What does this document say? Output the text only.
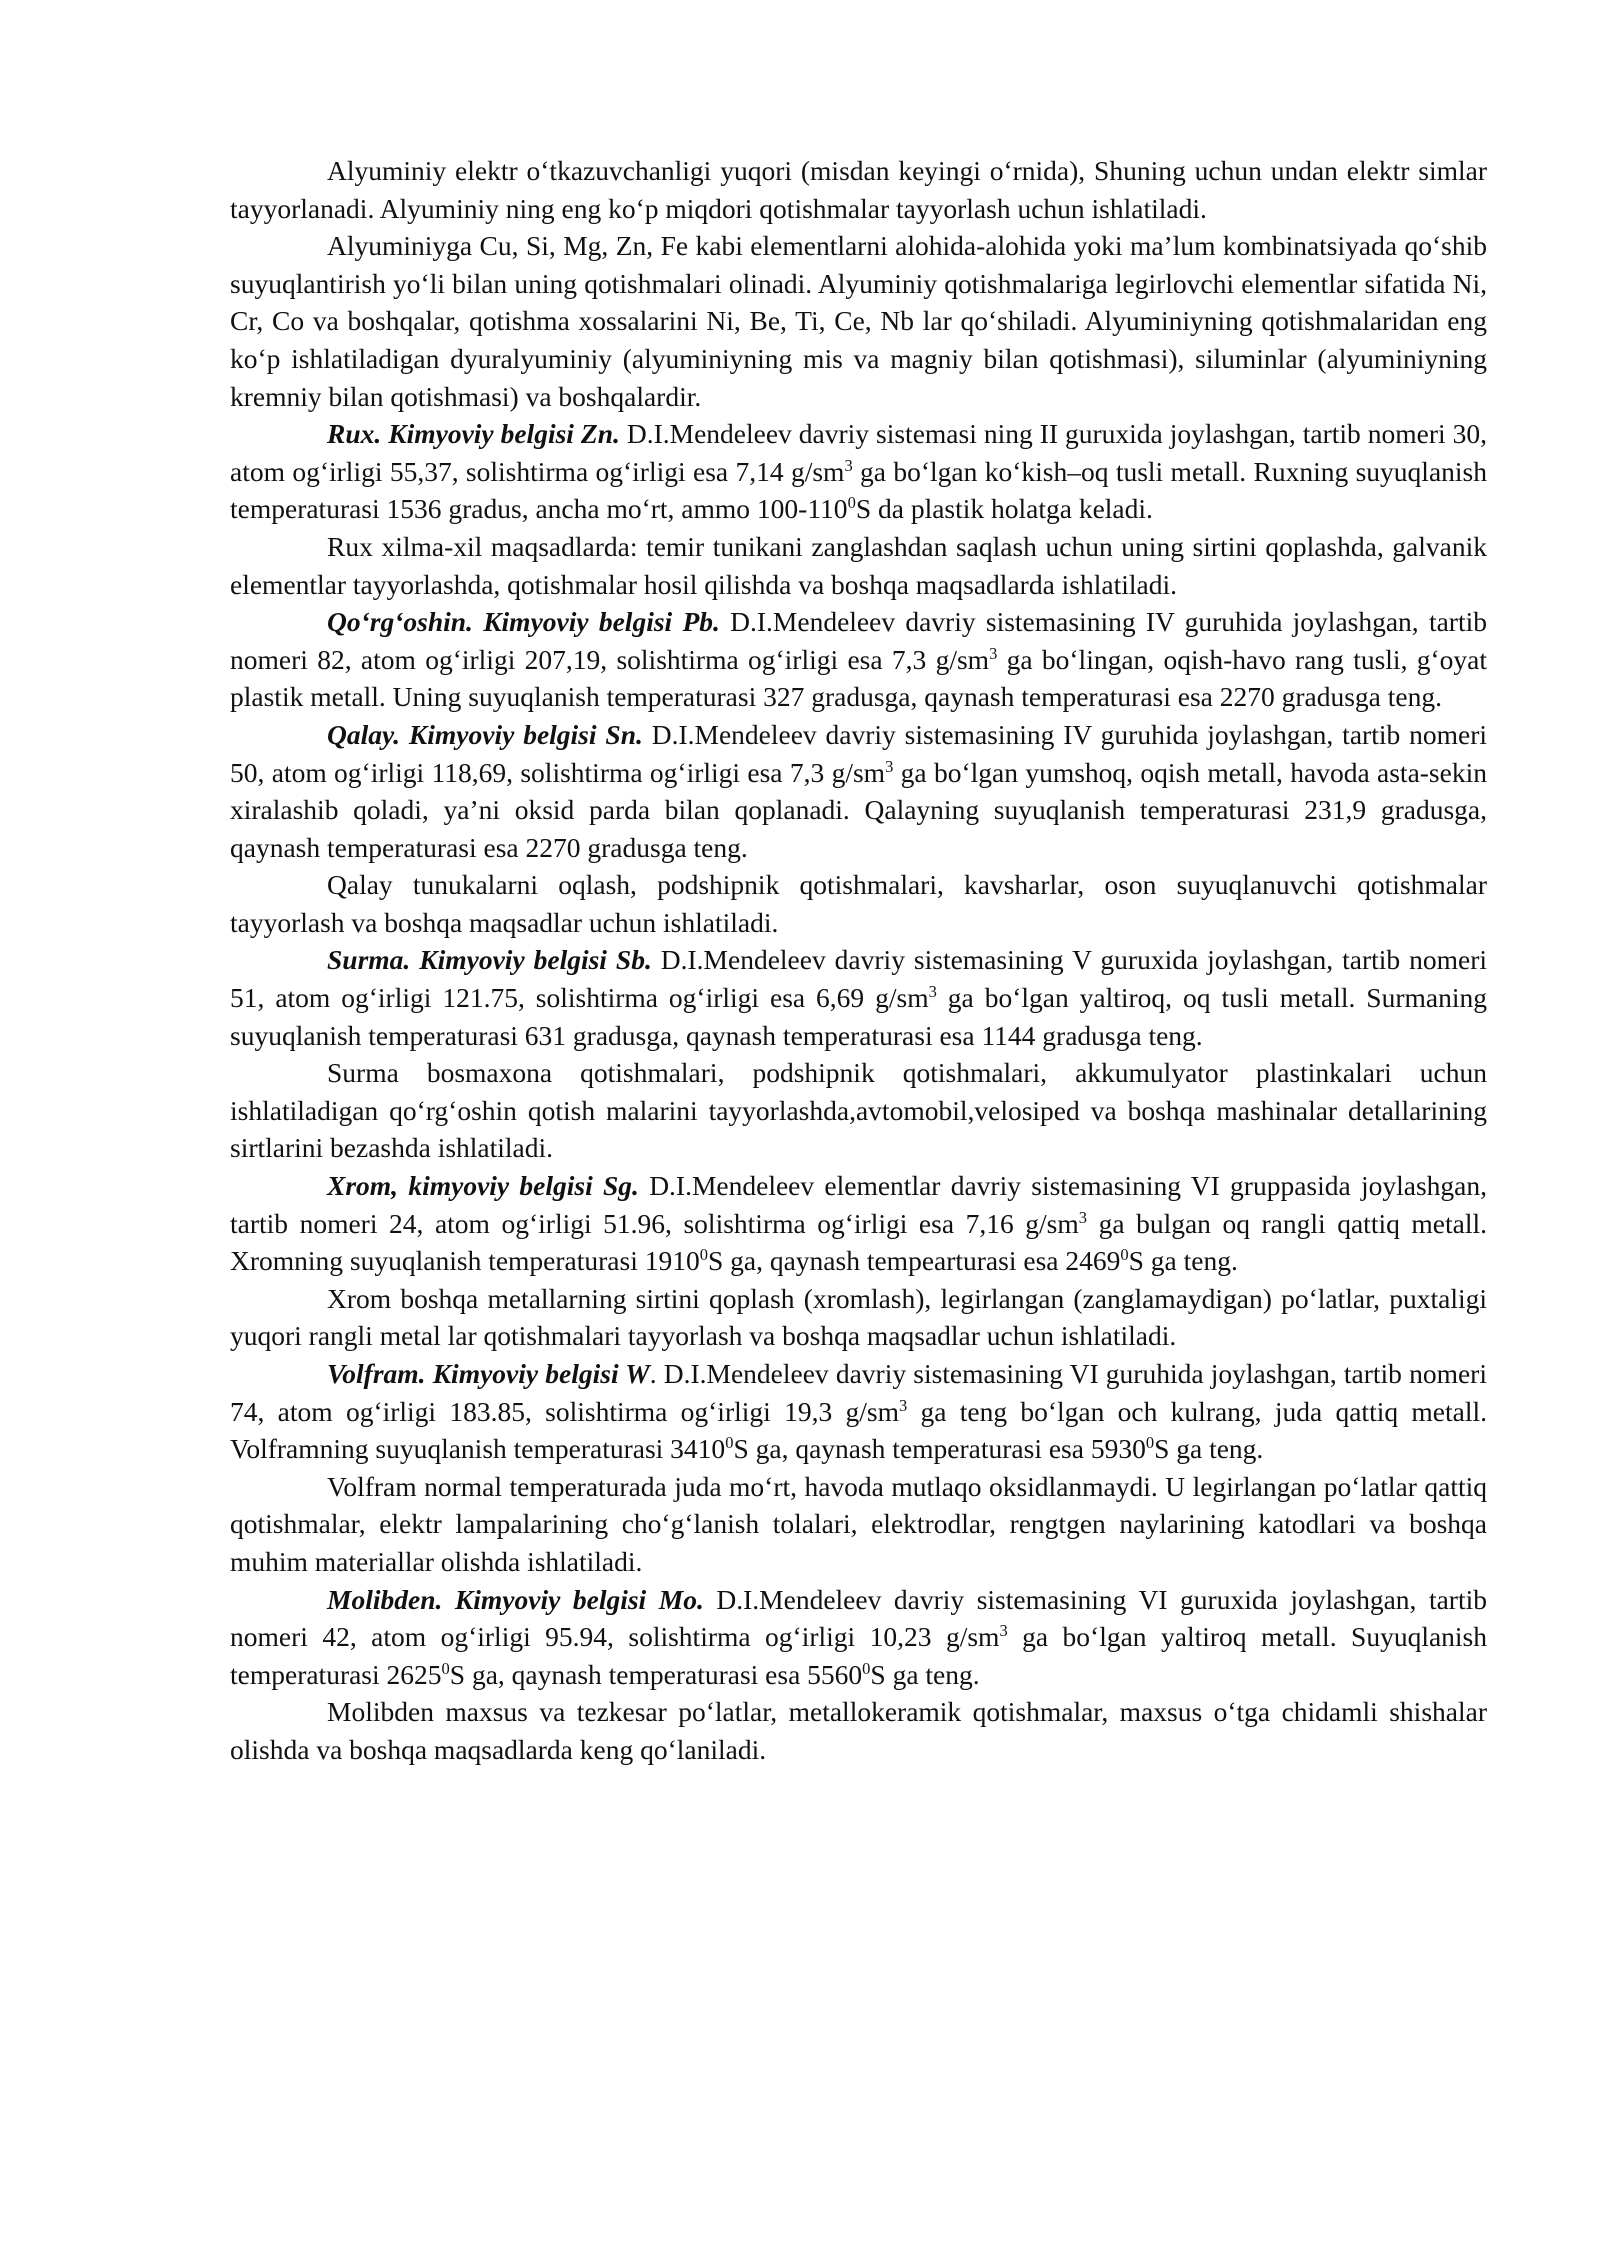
Alyuminiy elektr o‘tkazuvchanligi yuqori (misdan keyingi o‘rnida), Shuning uchun undan elektr simlar tayyorlanadi. Alyuminiy ning eng ko‘p miqdori qotishmalar tayyorlash uchun ishlatiladi.

Alyuminiyga Cu, Si, Mg, Zn, Fe kabi elementlarni alohida-alohida yoki ma’lum kombinatsiyada qo‘shib suyuqlantirish yo‘li bilan uning qotishmalari olinadi. Alyuminiy qotishmalariga legirlovchi elementlar sifatida Ni, Cr, Co va boshqalar, qotishma xossalarini Ni, Be, Ti, Ce, Nb lar qo‘shiladi. Alyuminiyning qotishmalaridan eng ko‘p ishlatiladigan dyuralyuminiy (alyuminiyning mis va magniy bilan qotishmasi), siluminlar (alyuminiyning kremniy bilan qotishmasi) va boshqalardir.

Rux. Kimyoviy belgisi Zn. D.I.Mendeleev davriy sistemasi ning II guruxida joylashgan, tartib nomeri 30, atom og‘irligi 55,37, solishtirma og‘irligi esa 7,14 $g/sm^3$ ga bo‘lgan ko‘kish–oq tusli metall. Ruxning suyuqlanish temperaturasi 1536 gradus, ancha mo‘rt, ammo $100-110^0S$ da plastik holatga keladi.

Rux xilma-xil maqsadlarda: temir tunikani zanglashdan saqlash uchun uning sirtini qoplashda, galvanik elementlar tayyorlashda, qotishmalar hosil qilishda va boshqa maqsadlarda ishlatiladi.

Qo‘rg‘oshin. Kimyoviy belgisi Pb. D.I.Mendeleev davriy sistemasining IV guruhida joylashgan, tartib nomeri 82, atom og‘irligi 207,19, solishtirma og‘irligi esa 7,3 $g/sm^3$ ga bo‘lingan, oqish-havo rang tusli, g‘oyat plastik metall. Uning suyuqlanish temperaturasi 327 gradusga, qaynash temperaturasi esa 2270 gradusga teng.

Qalay. Kimyoviy belgisi Sn. D.I.Mendeleev davriy sistemasining IV guruhida joylashgan, tartib nomeri 50, atom og‘irligi 118,69, solishtirma og‘irligi esa 7,3 $g/sm^3$ ga bo‘lgan yumshoq, oqish metall, havoda asta-sekin xiralashib qoladi, ya’ni oksid parda bilan qoplanadi. Qalayning suyuqlanish temperaturasi 231,9 gradusga, qaynash temperaturasi esa 2270 gradusga teng.

Qalay tunukalarni oqlash, podshipnik qotishmalari, kavsharlar, oson suyuqlanuvchi qotishmalar tayyorlash va boshqa maqsadlar uchun ishlatiladi.

Surma. Kimyoviy belgisi Sb. D.I.Mendeleev davriy sistemasining V guruxida joylashgan, tartib nomeri 51, atom og‘irligi 121.75, solishtirma og‘irligi esa 6,69 $g/sm^3$ ga bo‘lgan yaltiroq, oq tusli metall. Surmaning suyuqlanish temperaturasi 631 gradusga, qaynash temperaturasi esa 1144 gradusga teng.

Surma bosmaxona qotishmalari, podshipnik qotishmalari, akkumulyator plastinkalari uchun ishlatiladigan qo‘rg‘oshin qotish malarini tayyorlashda,avtomobil,velosiped va boshqa mashinalar detallarining sirtlarini bezashda ishlatiladi.

Xrom, kimyoviy belgisi Sg. D.I.Mendeleev elementlar davriy sistemasining VI gruppasida joylashgan, tartib nomeri 24, atom og‘irligi 51.96, solishtirma og‘irligi esa 7,16 $g/sm^3$ ga bulgan oq rangli qattiq metall. Xromning suyuqlanish temperaturasi 1910$^0$S ga, qaynash tempearturasi esa 2469$^0$S ga teng.

Xrom boshqa metallarning sirtini qoplash (xromlash), legirlangan (zanglamaydigan) po‘latlar, puxtaligi yuqori rangli metal lar qotishmalari tayyorlash va boshqa maqsadlar uchun ishlatiladi.

Volfram. Kimyoviy belgisi W. D.I.Mendeleev davriy sistemasining VI guruhida joylashgan, tartib nomeri 74, atom og‘irligi 183.85, solishtirma og‘irligi 19,3 $g/sm^3$ ga teng bo‘lgan och kulrang, juda qattiq metall. Volframning suyuqlanish temperaturasi 3410$^0$S ga, qaynash temperaturasi esa 5930$^0$S ga teng.

Volfram normal temperaturada juda mo‘rt, havoda mutlaqo oksidlanmaydi. U legirlangan po‘latlar qattiq qotishmalar, elektr lampalarining cho‘g‘lanish tolalari, elektrodlar, rengtgen naylarining katodlari va boshqa muhim materiallar olishda ishlatiladi.

Molibden. Kimyoviy belgisi Mo. D.I.Mendeleev davriy sistemasining VI guruxida joylashgan, tartib nomeri 42, atom og‘irligi 95.94, solishtirma og‘irligi 10,23 $g/sm^3$ ga bo‘lgan yaltiroq metall. Suyuqlanish temperaturasi 2625$^0$S ga, qaynash temperaturasi esa 5560$^0$S ga teng.

Molibden maxsus va tezkesar po‘latlar, metallokeramik qotishmalar, maxsus o‘tga chidamli shishalar olishda va boshqa maqsadlarda keng qo‘laniladi.
